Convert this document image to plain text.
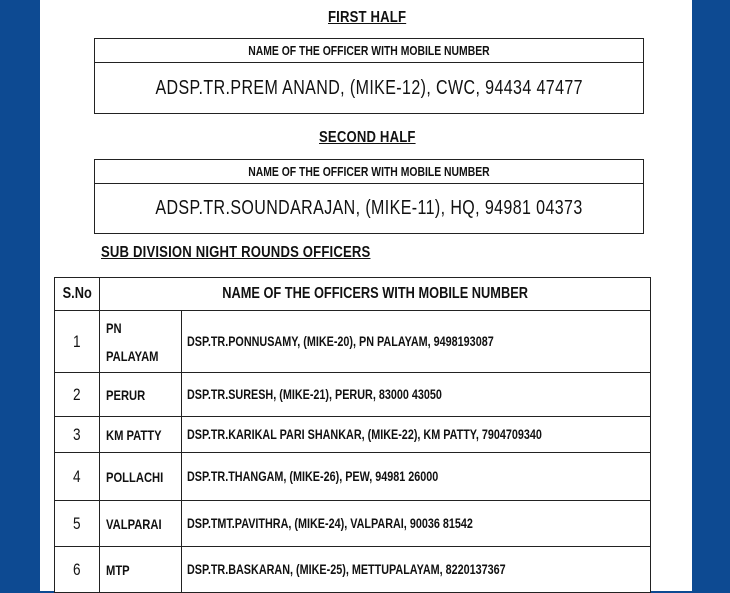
FIRST HALF
NAME OF THE OFFICER WITH MOBILE NUMBER
ADSP.TR.PREM ANAND, (MIKE-12), CWC, 94434 47477
SECOND HALF
NAME OF THE OFFICER WITH MOBILE NUMBER
ADSP.TR.SOUNDARAJAN, (MIKE-11), HQ, 94981 04373
SUB DIVISION NIGHT ROUNDS OFFICERS
S.No	NAME OF THE OFFICERS WITH MOBILE NUMBER	
1	PN PALAYAM	DSP.TR.PONNUSAMY, (MIKE-20), PN PALAYAM, 9498193087
2	PERUR	DSP.TR.SURESH, (MIKE-21), PERUR, 83000 43050
3	KM PATTY	DSP.TR.KARIKAL PARI SHANKAR, (MIKE-22), KM PATTY, 7904709340
4	POLLACHI	DSP.TR.THANGAM, (MIKE-26), PEW, 94981 26000
5	VALPARAI	DSP.TMT.PAVITHRA, (MIKE-24), VALPARAI, 90036 81542
6	MTP	DSP.TR.BASKARAN, (MIKE-25), METTUPALAYAM, 8220137367
